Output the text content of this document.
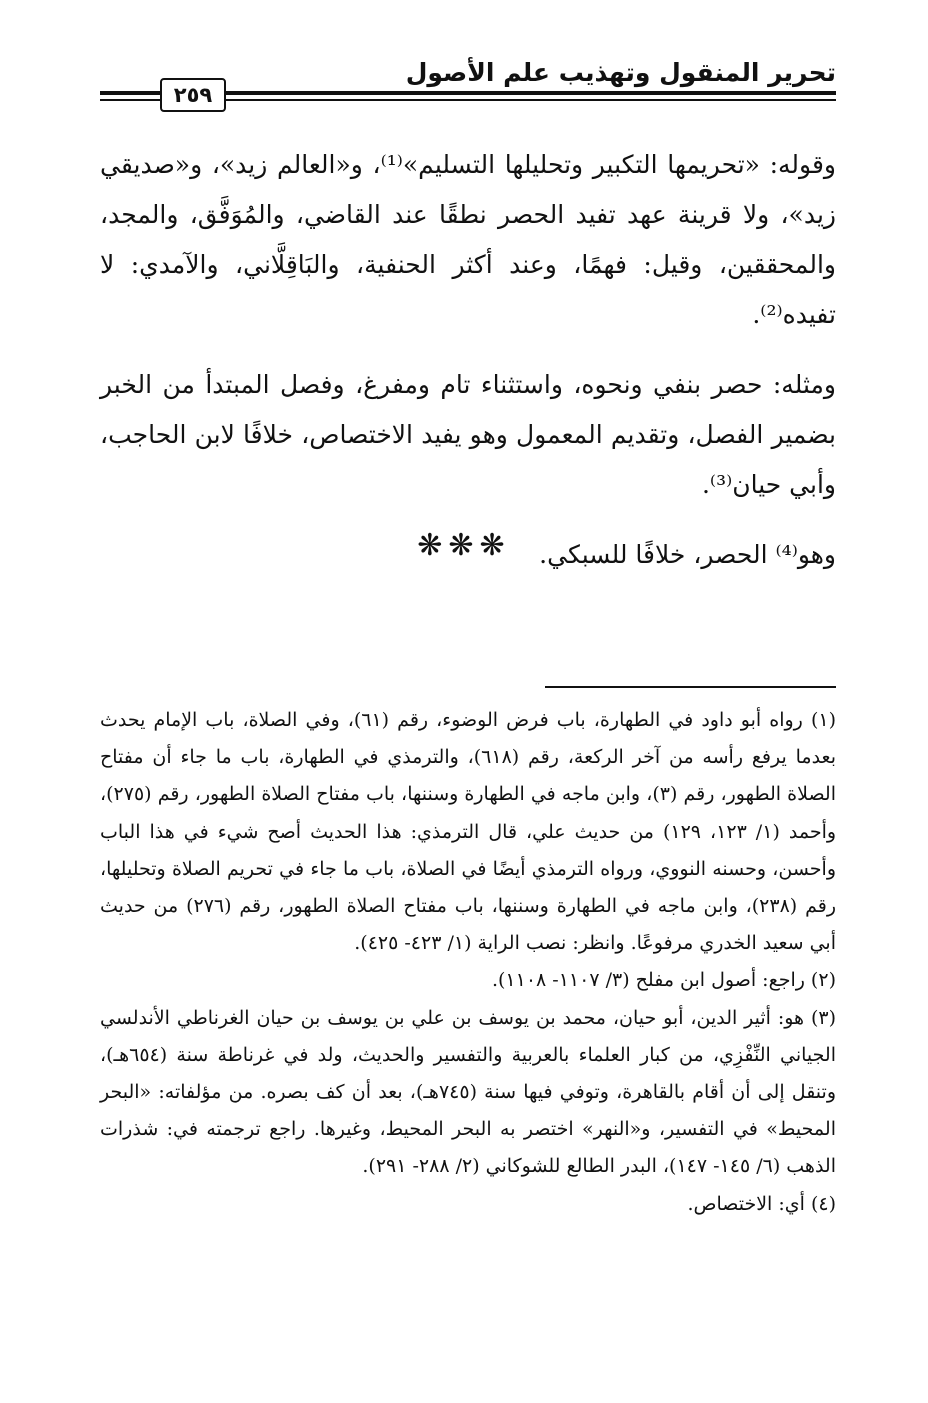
تحرير المنقول وتهذيب علم الأصول
٢٥٩

وقوله: «تحريمها التكبير وتحليلها التسليم»⁽¹⁾، و«العالم زيد»، و«صديقي زيد»، ولا قرينة عهد تفيد الحصر نطقًا عند القاضي، والمُوَفَّق، والمجد، والمحققين، وقيل: فهمًا، وعند أكثر الحنفية، والبَاقِلَّاني، والآمدي: لا تفيده⁽²⁾.

ومثله: حصر بنفي ونحوه، واستثناء تام ومفرغ، وفصل المبتدأ من الخبر بضمير الفصل، وتقديم المعمول وهو يفيد الاختصاص، خلافًا لابن الحاجب، وأبي حيان⁽³⁾.

وهو⁽⁴⁾ الحصر، خلافًا للسبكي.

❋❋❋

(١) رواه أبو داود في الطهارة، باب فرض الوضوء، رقم (٦١)، وفي الصلاة، باب الإمام يحدث بعدما يرفع رأسه من آخر الركعة، رقم (٦١٨)، والترمذي في الطهارة، باب ما جاء أن مفتاح الصلاة الطهور، رقم (٣)، وابن ماجه في الطهارة وسننها، باب مفتاح الصلاة الطهور، رقم (٢٧٥)، وأحمد (١/ ١٢٣، ١٢٩) من حديث علي، قال الترمذي: هذا الحديث أصح شيء في هذا الباب وأحسن، وحسنه النووي، ورواه الترمذي أيضًا في الصلاة، باب ما جاء في تحريم الصلاة وتحليلها، رقم (٢٣٨)، وابن ماجه في الطهارة وسننها، باب مفتاح الصلاة الطهور، رقم (٢٧٦) من حديث أبي سعيد الخدري مرفوعًا. وانظر: نصب الراية (١/ ٤٢٣- ٤٢٥).

(٢) راجع: أصول ابن مفلح (٣/ ١١٠٧- ١١٠٨).

(٣) هو: أثير الدين، أبو حيان، محمد بن يوسف بن علي بن يوسف بن حيان الغرناطي الأندلسي الجياني النِّفْزِي، من كبار العلماء بالعربية والتفسير والحديث، ولد في غرناطة سنة (٦٥٤هـ)، وتنقل إلى أن أقام بالقاهرة، وتوفي فيها سنة (٧٤٥هـ)، بعد أن كف بصره. من مؤلفاته: «البحر المحيط» في التفسير، و«النهر» اختصر به البحر المحيط، وغيرها. راجع ترجمته في: شذرات الذهب (٦/ ١٤٥- ١٤٧)، البدر الطالع للشوكاني (٢/ ٢٨٨- ٢٩١).

(٤) أي: الاختصاص.
